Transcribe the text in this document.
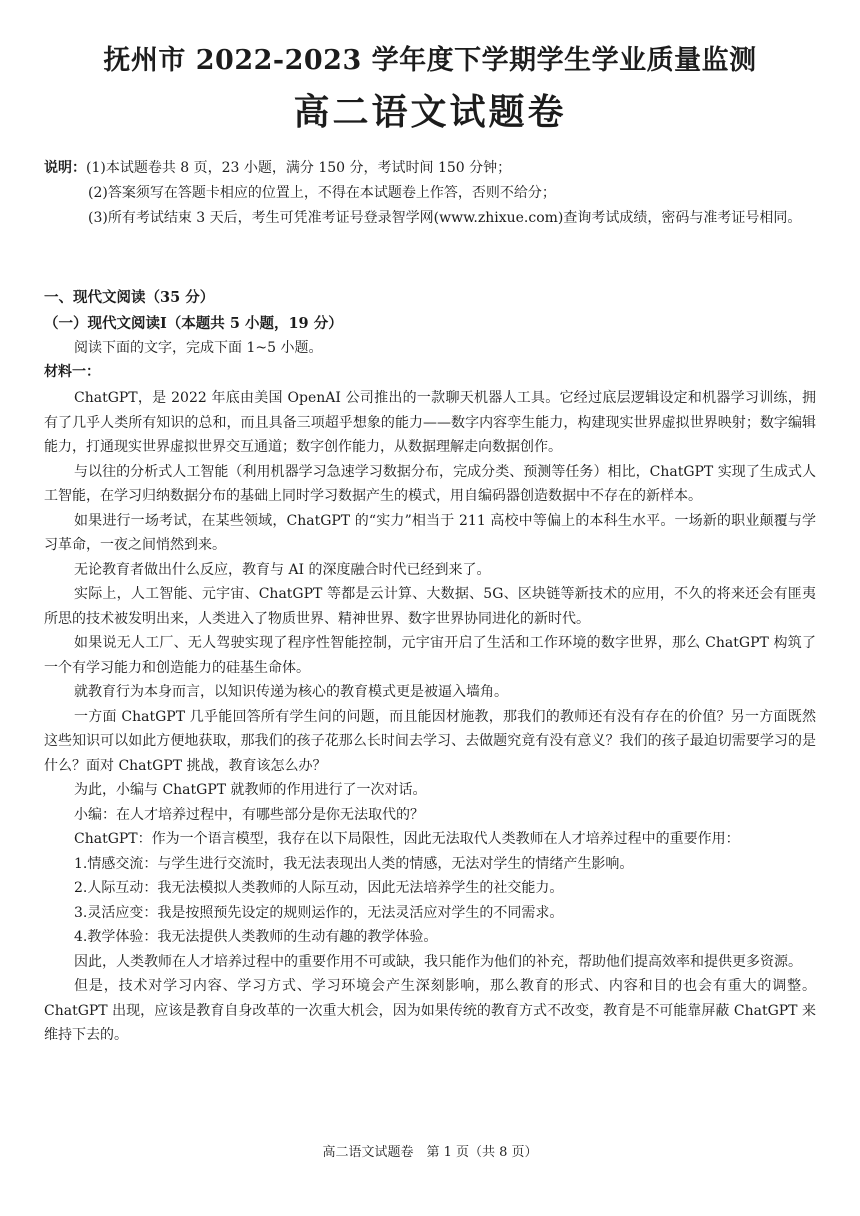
抚州市 2022-2023 学年度下学期学生学业质量监测
高二语文试题卷

说明：(1)本试题卷共 8 页，23 小题，满分 150 分，考试时间 150 分钟；

(2)答案须写在答题卡相应的位置上，不得在本试题卷上作答，否则不给分；

(3)所有考试结束 3 天后，考生可凭准考证号登录智学网(www.zhixue.com)查询考试成绩，密码与准考证号相同。

一、现代文阅读（35 分）
（一）现代文阅读Ⅰ（本题共 5 小题，19 分）
阅读下面的文字，完成下面 1~5 小题。
材料一：

ChatGPT，是 2022 年底由美国 OpenAI 公司推出的一款聊天机器人工具。它经过底层逻辑设定和机器学习训练，拥有了几乎人类所有知识的总和，而且具备三项超乎想象的能力——数字内容孪生能力，构建现实世界虚拟世界映射；数字编辑能力，打通现实世界虚拟世界交互通道；数字创作能力，从数据理解走向数据创作。

与以往的分析式人工智能（利用机器学习急速学习数据分布，完成分类、预测等任务）相比，ChatGPT 实现了生成式人工智能，在学习归纳数据分布的基础上同时学习数据产生的模式，用自编码器创造数据中不存在的新样本。

如果进行一场考试，在某些领域，ChatGPT 的“实力”相当于 211 高校中等偏上的本科生水平。一场新的职业颠覆与学习革命，一夜之间悄然到来。

无论教育者做出什么反应，教育与 AI 的深度融合时代已经到来了。

实际上，人工智能、元宇宙、ChatGPT 等都是云计算、大数据、5G、区块链等新技术的应用，不久的将来还会有匪夷所思的技术被发明出来，人类进入了物质世界、精神世界、数字世界协同进化的新时代。

如果说无人工厂、无人驾驶实现了程序性智能控制，元宇宙开启了生活和工作环境的数字世界，那么 ChatGPT 构筑了一个有学习能力和创造能力的硅基生命体。

就教育行为本身而言，以知识传递为核心的教育模式更是被逼入墙角。

一方面 ChatGPT 几乎能回答所有学生问的问题，而且能因材施教，那我们的教师还有没有存在的价值？另一方面既然这些知识可以如此方便地获取，那我们的孩子花那么长时间去学习、去做题究竟有没有意义？我们的孩子最迫切需要学习的是什么？面对 ChatGPT 挑战，教育该怎么办？

为此，小编与 ChatGPT 就教师的作用进行了一次对话。

小编：在人才培养过程中，有哪些部分是你无法取代的？

ChatGPT：作为一个语言模型，我存在以下局限性，因此无法取代人类教师在人才培养过程中的重要作用：

1.情感交流：与学生进行交流时，我无法表现出人类的情感，无法对学生的情绪产生影响。

2.人际互动：我无法模拟人类教师的人际互动，因此无法培养学生的社交能力。

3.灵活应变：我是按照预先设定的规则运作的，无法灵活应对学生的不同需求。

4.教学体验：我无法提供人类教师的生动有趣的教学体验。

因此，人类教师在人才培养过程中的重要作用不可或缺，我只能作为他们的补充，帮助他们提高效率和提供更多资源。

但是，技术对学习内容、学习方式、学习环境会产生深刻影响，那么教育的形式、内容和目的也会有重大的调整。ChatGPT 出现，应该是教育自身改革的一次重大机会，因为如果传统的教育方式不改变，教育是不可能靠屏蔽 ChatGPT 来维持下去的。

高二语文试题卷　第 1 页（共 8 页）
